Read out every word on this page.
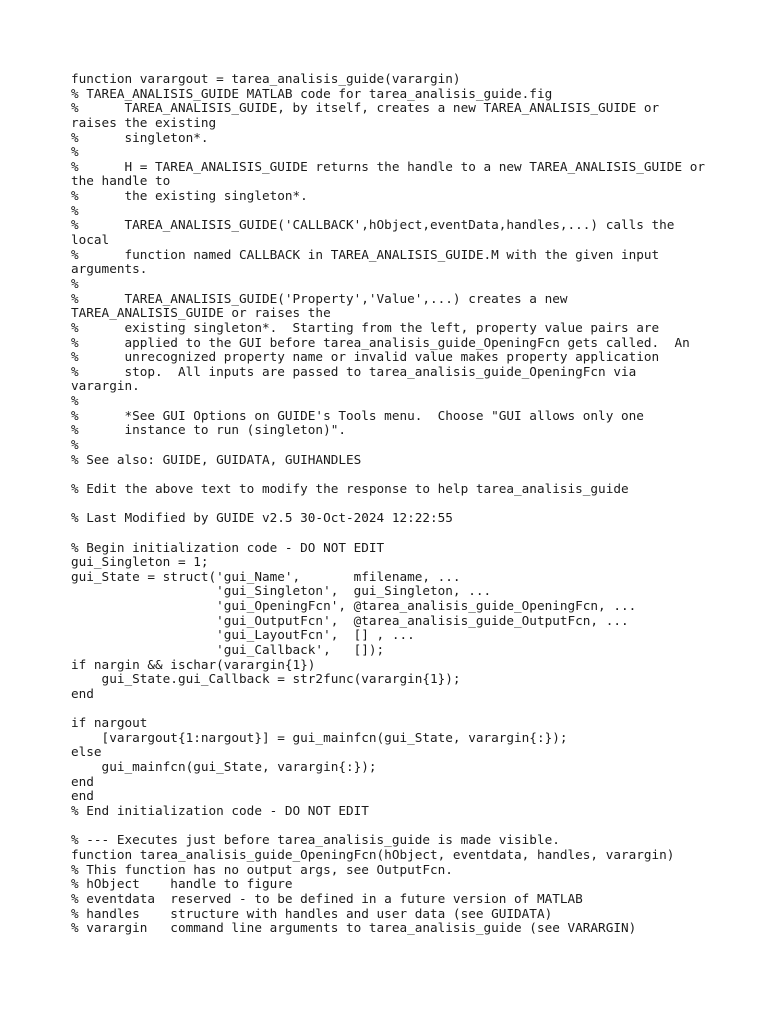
function varargout = tarea_analisis_guide(varargin)
% TAREA_ANALISIS_GUIDE MATLAB code for tarea_analisis_guide.fig
%      TAREA_ANALISIS_GUIDE, by itself, creates a new TAREA_ANALISIS_GUIDE or
raises the existing
%      singleton*.
%
%      H = TAREA_ANALISIS_GUIDE returns the handle to a new TAREA_ANALISIS_GUIDE or
the handle to
%      the existing singleton*.
%
%      TAREA_ANALISIS_GUIDE('CALLBACK',hObject,eventData,handles,...) calls the
local
%      function named CALLBACK in TAREA_ANALISIS_GUIDE.M with the given input
arguments.
%
%      TAREA_ANALISIS_GUIDE('Property','Value',...) creates a new
TAREA_ANALISIS_GUIDE or raises the
%      existing singleton*.  Starting from the left, property value pairs are
%      applied to the GUI before tarea_analisis_guide_OpeningFcn gets called.  An
%      unrecognized property name or invalid value makes property application
%      stop.  All inputs are passed to tarea_analisis_guide_OpeningFcn via
varargin.
%
%      *See GUI Options on GUIDE's Tools menu.  Choose "GUI allows only one
%      instance to run (singleton)".
%
% See also: GUIDE, GUIDATA, GUIHANDLES
% Edit the above text to modify the response to help tarea_analisis_guide
% Last Modified by GUIDE v2.5 30-Oct-2024 12:22:55
% Begin initialization code - DO NOT EDIT
gui_Singleton = 1;
gui_State = struct('gui_Name',       mfilename, ...
'gui_Singleton',  gui_Singleton, ...
'gui_OpeningFcn', @tarea_analisis_guide_OpeningFcn, ...
'gui_OutputFcn',  @tarea_analisis_guide_OutputFcn, ...
'gui_LayoutFcn',  [] , ...
'gui_Callback',   []);
if nargin && ischar(varargin{1})
gui_State.gui_Callback = str2func(varargin{1});
end
if nargout
[varargout{1:nargout}] = gui_mainfcn(gui_State, varargin{:});
else
gui_mainfcn(gui_State, varargin{:});
end
end
% End initialization code - DO NOT EDIT
% --- Executes just before tarea_analisis_guide is made visible.
function tarea_analisis_guide_OpeningFcn(hObject, eventdata, handles, varargin)
% This function has no output args, see OutputFcn.
% hObject    handle to figure
% eventdata  reserved - to be defined in a future version of MATLAB
% handles    structure with handles and user data (see GUIDATA)
% varargin   command line arguments to tarea_analisis_guide (see VARARGIN)
